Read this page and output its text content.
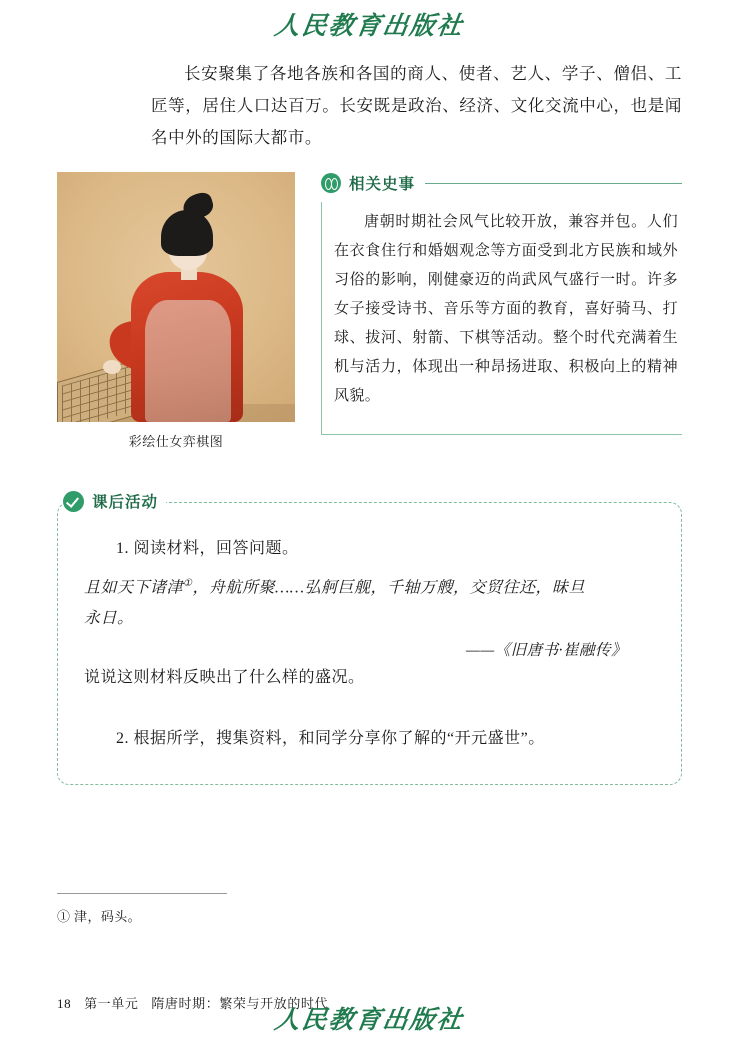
人民教育出版社

长安聚集了各地各族和各国的商人、使者、艺人、学子、僧侣、工匠等，居住人口达百万。长安既是政治、经济、文化交流中心，也是闻名中外的国际大都市。

彩绘仕女弈棋图
相关史事

唐朝时期社会风气比较开放，兼容并包。人们在衣食住行和婚姻观念等方面受到北方民族和域外习俗的影响，刚健豪迈的尚武风气盛行一时。许多女子接受诗书、音乐等方面的教育，喜好骑马、打球、拔河、射箭、下棋等活动。整个时代充满着生机与活力，体现出一种昂扬进取、积极向上的精神风貌。

课后活动

1. 阅读材料，回答问题。

且如天下诸津①，舟航所聚……弘舸巨舰，千轴万艘，交贸往还，昧旦
永日。

——《旧唐书·崔融传》

说说这则材料反映出了什么样的盛况。

2. 根据所学，搜集资料，和同学分享你了解的“开元盛世”。

① 津，码头。

18 第一单元 隋唐时期：繁荣与开放的时代
人民教育出版社
